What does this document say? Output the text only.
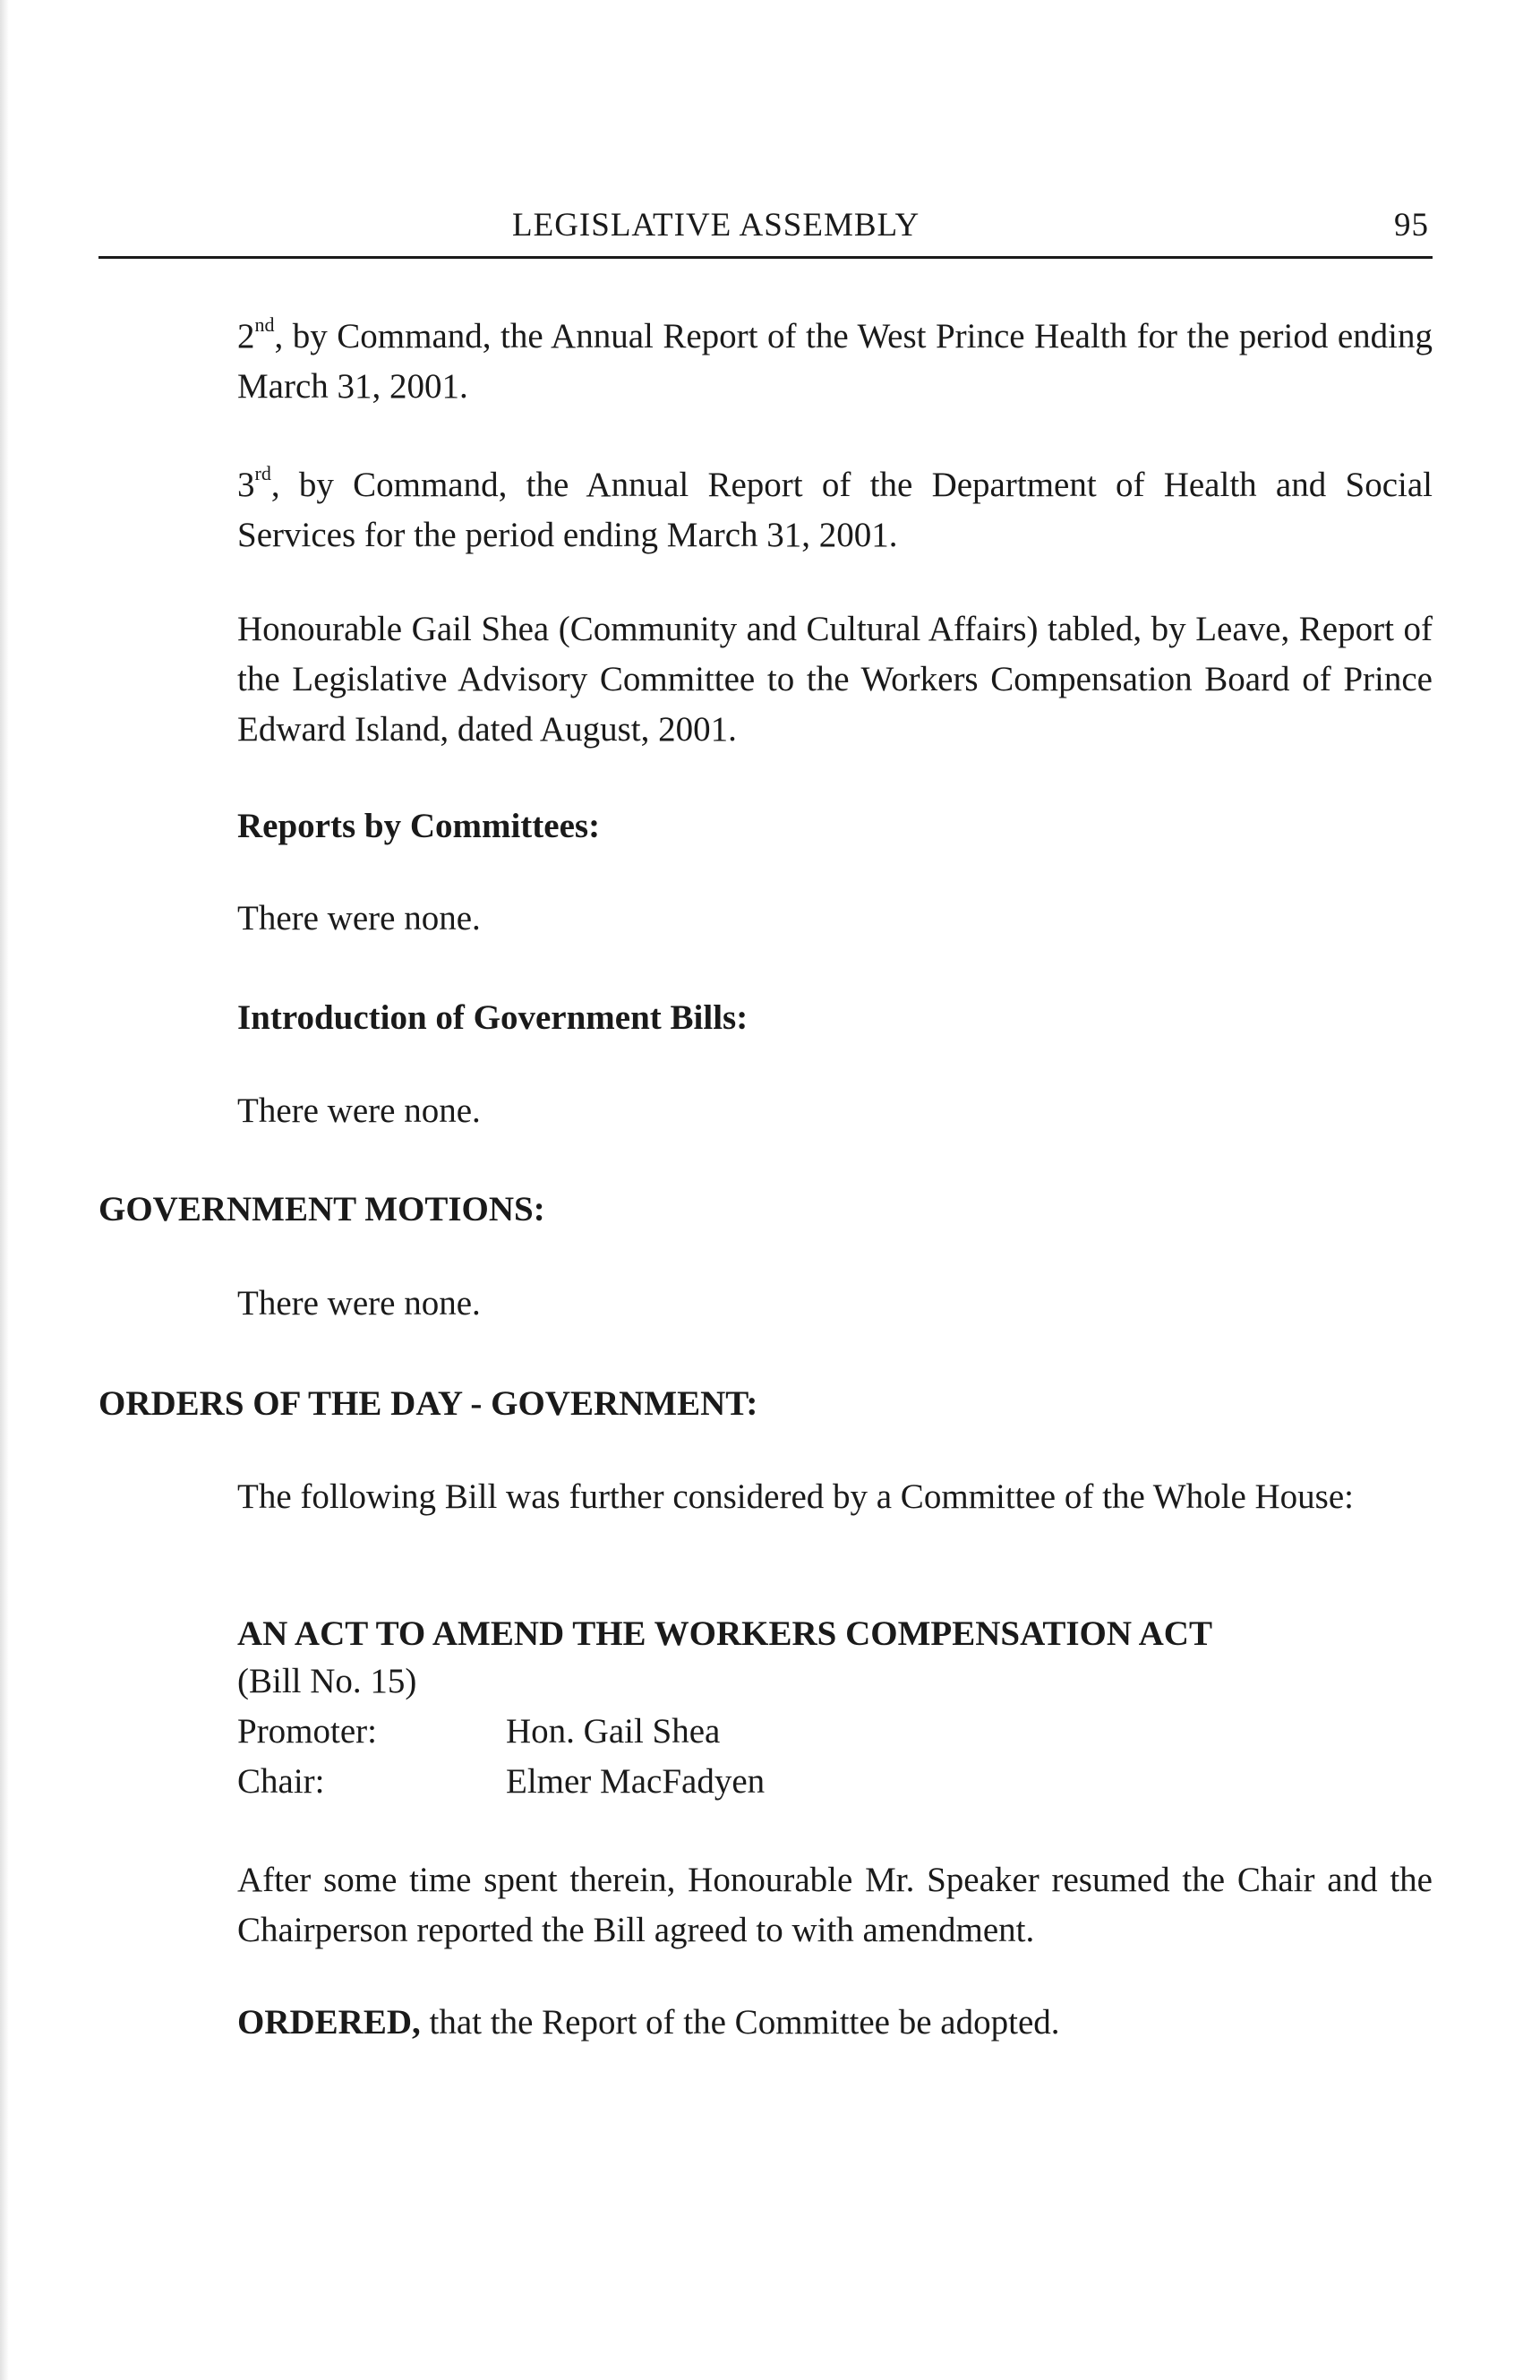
LEGISLATIVE ASSEMBLY	95

2nd, by Command, the Annual Report of the West Prince Health for the period ending March 31, 2001.

3rd, by Command, the Annual Report of the Department of Health and Social Services for the period ending March 31, 2001.

Honourable Gail Shea (Community and Cultural Affairs) tabled, by Leave, Report of the Legislative Advisory Committee to the Workers Compensation Board of Prince Edward Island, dated August, 2001.

Reports by Committees:

There were none.

Introduction of Government Bills:

There were none.

GOVERNMENT MOTIONS:

There were none.

ORDERS OF THE DAY - GOVERNMENT:

The following Bill was further considered by a Committee of the Whole House:

AN ACT TO AMEND THE WORKERS COMPENSATION ACT
(Bill No. 15)
Promoter:	Hon. Gail Shea
Chair:	Elmer MacFadyen

After some time spent therein, Honourable Mr. Speaker resumed the Chair and the Chairperson reported the Bill agreed to with amendment.

ORDERED, that the Report of the Committee be adopted.
